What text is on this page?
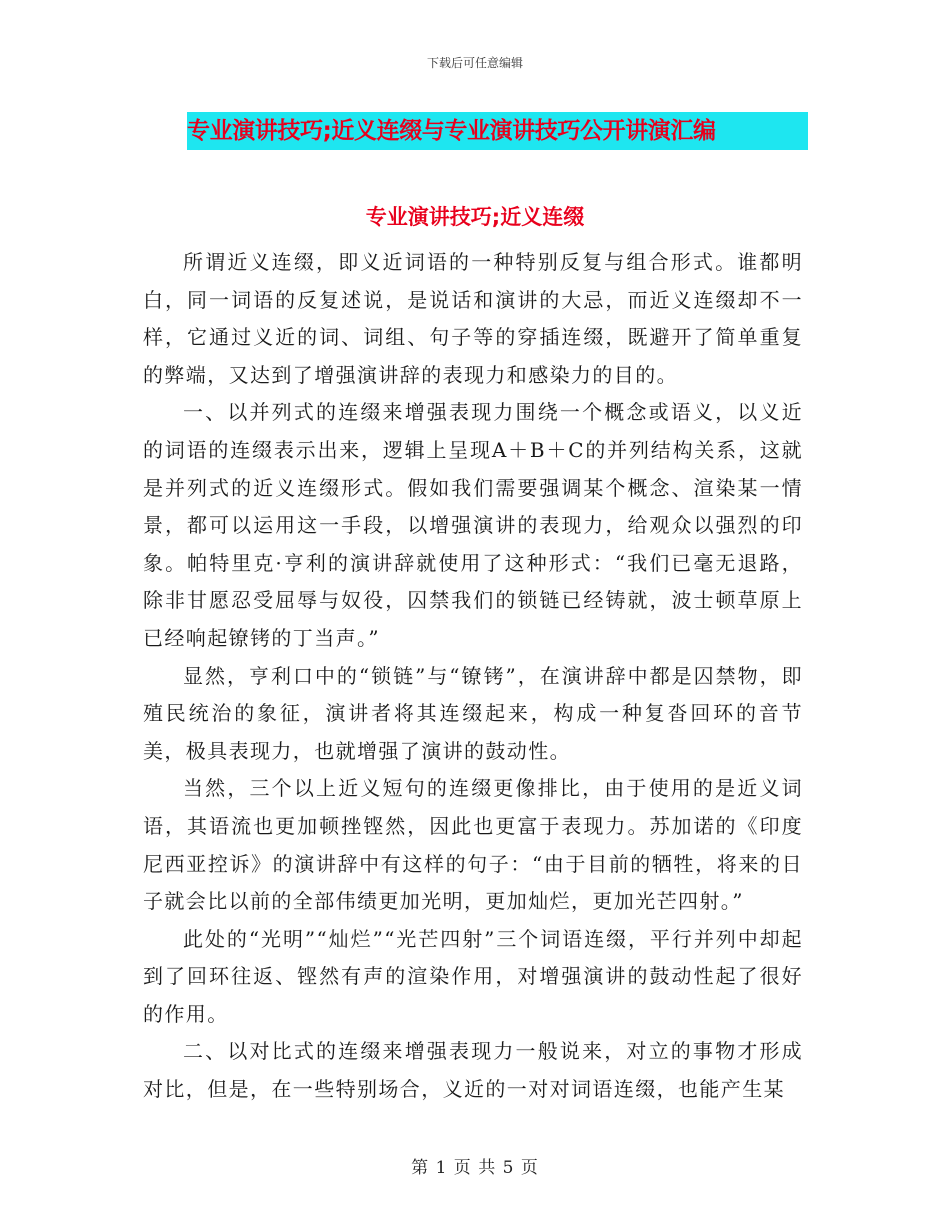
下载后可任意编辑
专业演讲技巧;近义连缀与专业演讲技巧公开讲演汇编
专业演讲技巧;近义连缀

所谓近义连缀，即义近词语的一种特别反复与组合形式。谁都明白，同一词语的反复述说，是说话和演讲的大忌，而近义连缀却不一样，它通过义近的词、词组、句子等的穿插连缀，既避开了简单重复的弊端，又达到了增强演讲辞的表现力和感染力的目的。

一、以并列式的连缀来增强表现力围绕一个概念或语义，以义近的词语的连缀表示出来，逻辑上呈现A＋B＋C的并列结构关系，这就是并列式的近义连缀形式。假如我们需要强调某个概念、渲染某一情景，都可以运用这一手段，以增强演讲的表现力，给观众以强烈的印象。帕特里克·亨利的演讲辞就使用了这种形式：“我们已毫无退路，除非甘愿忍受屈辱与奴役，囚禁我们的锁链已经铸就，波士顿草原上已经响起镣铐的丁当声。”

显然，亨利口中的“锁链”与“镣铐”，在演讲辞中都是囚禁物，即殖民统治的象征，演讲者将其连缀起来，构成一种复沓回环的音节美，极具表现力，也就增强了演讲的鼓动性。

当然，三个以上近义短句的连缀更像排比，由于使用的是近义词语，其语流也更加顿挫铿然，因此也更富于表现力。苏加诺的《印度尼西亚控诉》的演讲辞中有这样的句子：“由于目前的牺牲，将来的日子就会比以前的全部伟绩更加光明，更加灿烂，更加光芒四射。”

此处的“光明”“灿烂”“光芒四射”三个词语连缀，平行并列中却起到了回环往返、铿然有声的渲染作用，对增强演讲的鼓动性起了很好的作用。

二、以对比式的连缀来增强表现力一般说来，对立的事物才形成对比，但是，在一些特别场合，义近的一对对词语连缀，也能产生某

第 1 页 共 5 页
